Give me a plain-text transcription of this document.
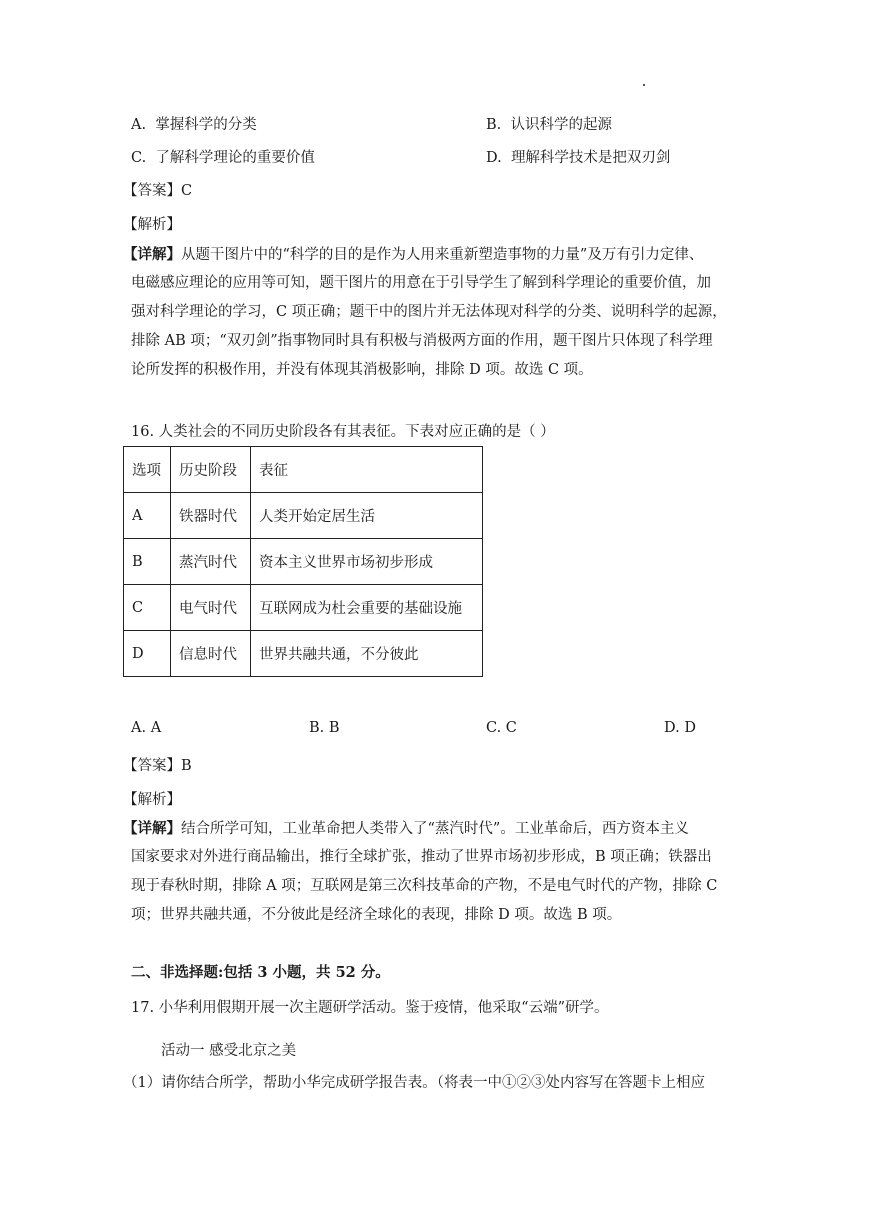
A. 掌握科学的分类	B. 认识科学的起源
C. 了解科学理论的重要价值	D. 理解科学技术是把双刃剑
【答案】C
【解析】
【详解】从题干图片中的“科学的目的是作为人用来重新塑造事物的力量”及万有引力定律、
电磁感应理论的应用等可知，题干图片的用意在于引导学生了解到科学理论的重要价值，加
强对科学理论的学习，C 项正确；题干中的图片并无法体现对科学的分类、说明科学的起源，
排除 AB 项；“双刃剑”指事物同时具有积极与消极两方面的作用，题干图片只体现了科学理
论所发挥的积极作用，并没有体现其消极影响，排除 D 项。故选 C 项。
16. 人类社会的不同历史阶段各有其表征。下表对应正确的是（ ）
选项	历史阶段	表征
A	铁器时代	人类开始定居生活
B	蒸汽时代	资本主义世界市场初步形成
C	电气时代	互联网成为杜会重要的基础设施
D	信息时代	世界共融共通，不分彼此
A. A	B. B	C. C	D. D
【答案】B
【解析】
【详解】结合所学可知，工业革命把人类带入了“蒸汽时代”。工业革命后，西方资本主义
国家要求对外进行商品输出，推行全球扩张，推动了世界市场初步形成，B 项正确；铁器出
现于春秋时期，排除 A 项；互联网是第三次科技革命的产物，不是电气时代的产物，排除 C
项；世界共融共通，不分彼此是经济全球化的表现，排除 D 项。故选 B 项。
二、非选择题:包括 3 小题，共 52 分。
17. 小华利用假期开展一次主题研学活动。鉴于疫情，他采取“云端”研学。
活动一 感受北京之美
（1）请你结合所学，帮助小华完成研学报告表。（将表一中①②③处内容写在答题卡上相应
